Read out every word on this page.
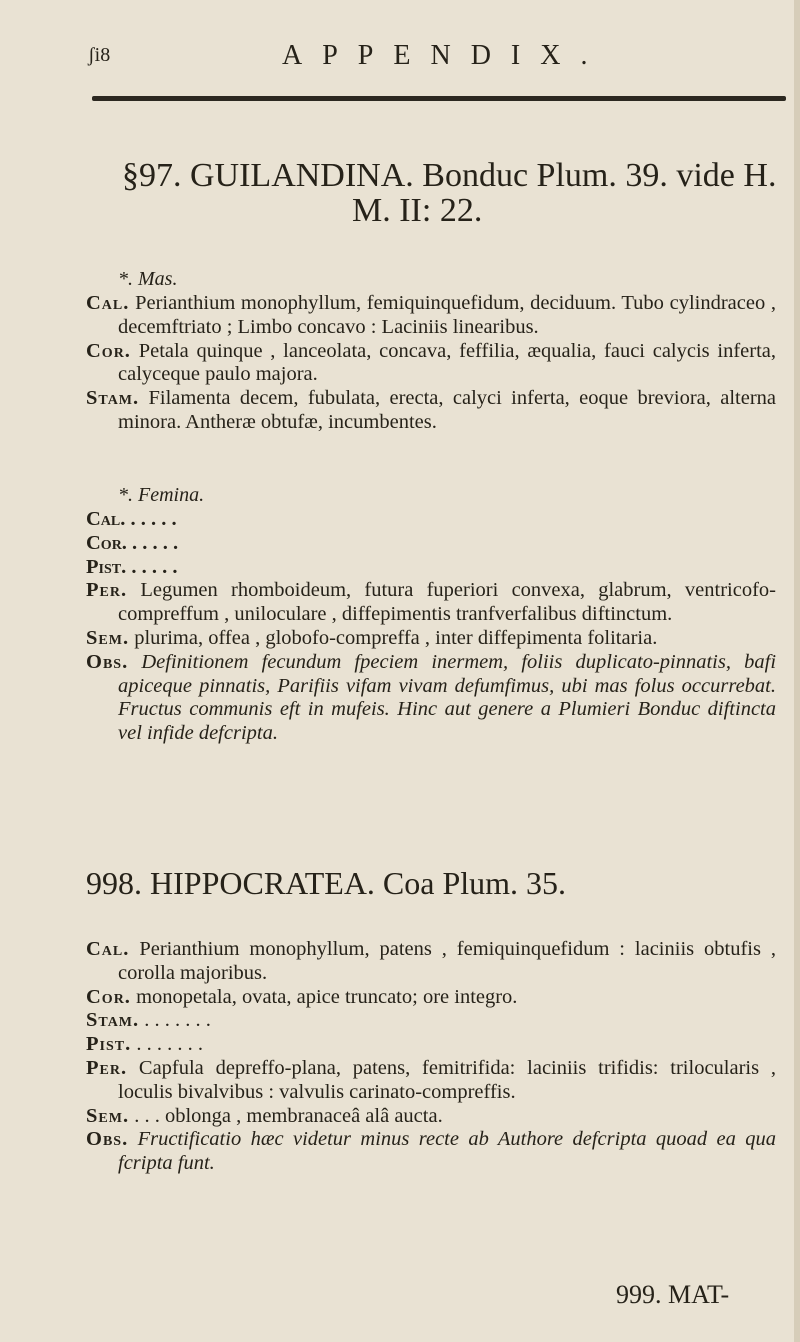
ʃi8	APPENDIX.
§97. GUILANDINA. Bonduc Plum. 39. vide H.
M. II: 22.
*. Mas.

Cal. Perianthium monophyllum, femiquinquefidum, deciduum. Tubo cylindraceo , decemftriato ; Limbo concavo : Laciniis linearibus.

Cor. Petala quinque , lanceolata, concava, feffilia, æqualia, fauci calycis inferta, calyceque paulo majora.

Stam. Filamenta decem, fubulata, erecta, calyci inferta, eoque breviora, alterna minora. Antheræ obtufæ, incumbentes.

*. Femina.

Cal. . . . . .

Cor. . . . . .

Pist. . . . . .

Per. Legumen rhomboideum, futura fuperiori convexa, glabrum, ventricofo-compreffum , uniloculare , diffepimentis tranfverfalibus diftinctum.

Sem. plurima, offea , globofo-compreffa , inter diffepimenta folitaria.

Obs. Definitionem fecundum fpeciem inermem, foliis duplicato-pinnatis, bafi apiceque pinnatis, Parifiis vifam vivam defumfimus, ubi mas folus occurrebat. Fructus communis eft in mufeis. Hinc aut genere a Plumieri Bonduc diftincta vel infide defcripta.

998. HIPPOCRATEA. Coa Plum. 35.

Cal. Perianthium monophyllum, patens , femiquinquefidum : laciniis obtufis , corolla majoribus.

Cor. monopetala, ovata, apice truncato; ore integro.

Stam. . . . . . . .

Pist. . . . . . . .

Per. Capfula depreffo-plana, patens, femitrifida: laciniis trifidis: trilocularis , loculis bivalvibus : valvulis carinato-compreffis.

Sem. . . . oblonga , membranaceâ alâ aucta.

Obs. Fructificatio hæc videtur minus recte ab Authore defcripta quoad ea qua fcripta funt.

999. MAT-
